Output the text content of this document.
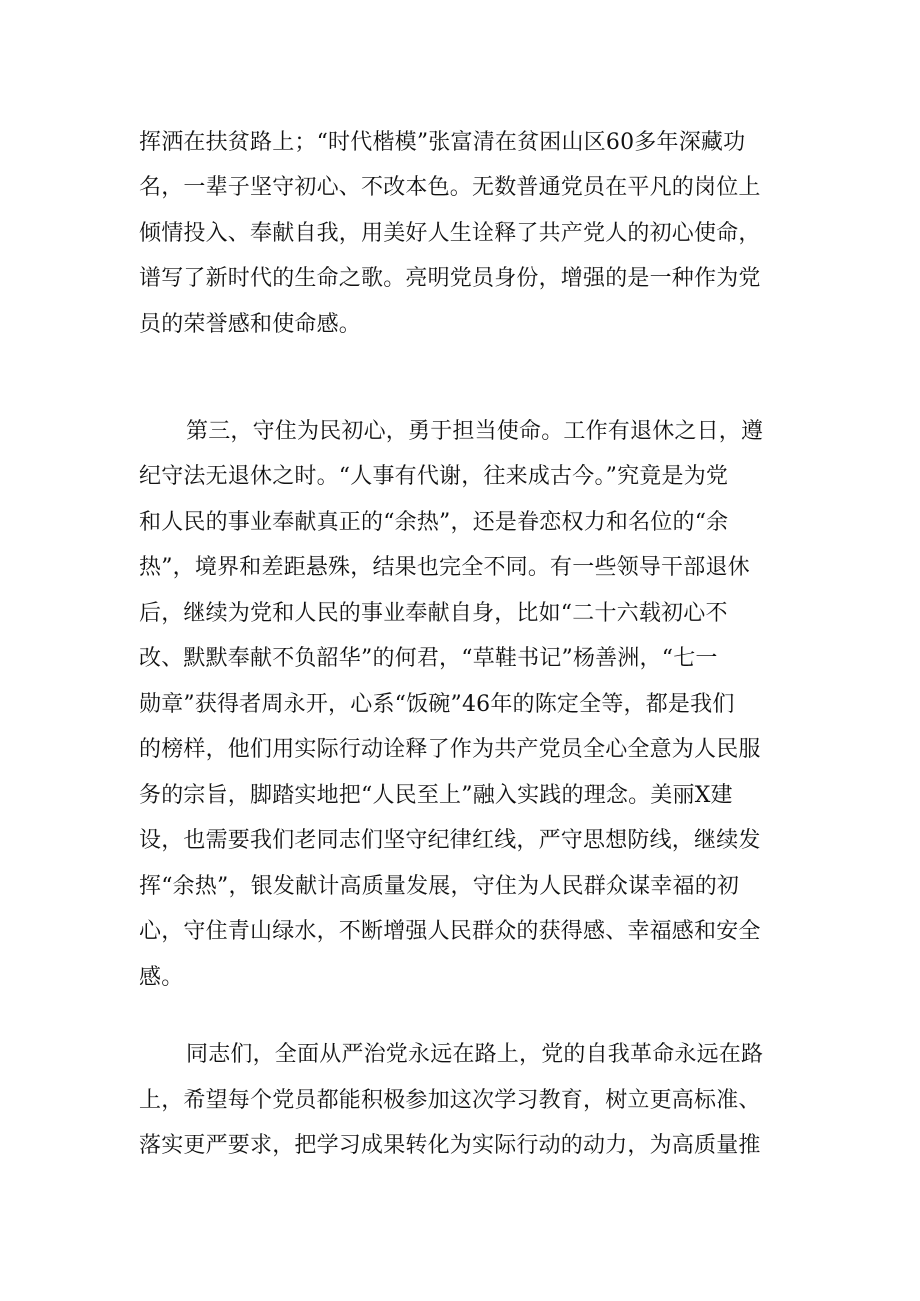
挥洒在扶贫路上；“时代楷模”张富清在贫困山区60多年深藏功
名，一辈子坚守初心、不改本色。无数普通党员在平凡的岗位上
倾情投入、奉献自我，用美好人生诠释了共产党人的初心使命，
谱写了新时代的生命之歌。亮明党员身份，增强的是一种作为党
员的荣誉感和使命感。
第三，守住为民初心，勇于担当使命。工作有退休之日，遵
纪守法无退休之时。“人事有代谢，往来成古今。”究竟是为党
和人民的事业奉献真正的“余热”，还是眷恋权力和名位的“余
热”，境界和差距悬殊，结果也完全不同。有一些领导干部退休
后，继续为党和人民的事业奉献自身，比如“二十六载初心不
改、默默奉献不负韶华”的何君，“草鞋书记”杨善洲，“七一
勋章”获得者周永开，心系“饭碗”46年的陈定全等，都是我们
的榜样，他们用实际行动诠释了作为共产党员全心全意为人民服
务的宗旨，脚踏实地把“人民至上”融入实践的理念。美丽X建
设，也需要我们老同志们坚守纪律红线，严守思想防线，继续发
挥“余热”，银发献计高质量发展，守住为人民群众谋幸福的初
心，守住青山绿水，不断增强人民群众的获得感、幸福感和安全
感。
同志们，全面从严治党永远在路上，党的自我革命永远在路
上，希望每个党员都能积极参加这次学习教育，树立更高标准、
落实更严要求，把学习成果转化为实际行动的动力，为高质量推
